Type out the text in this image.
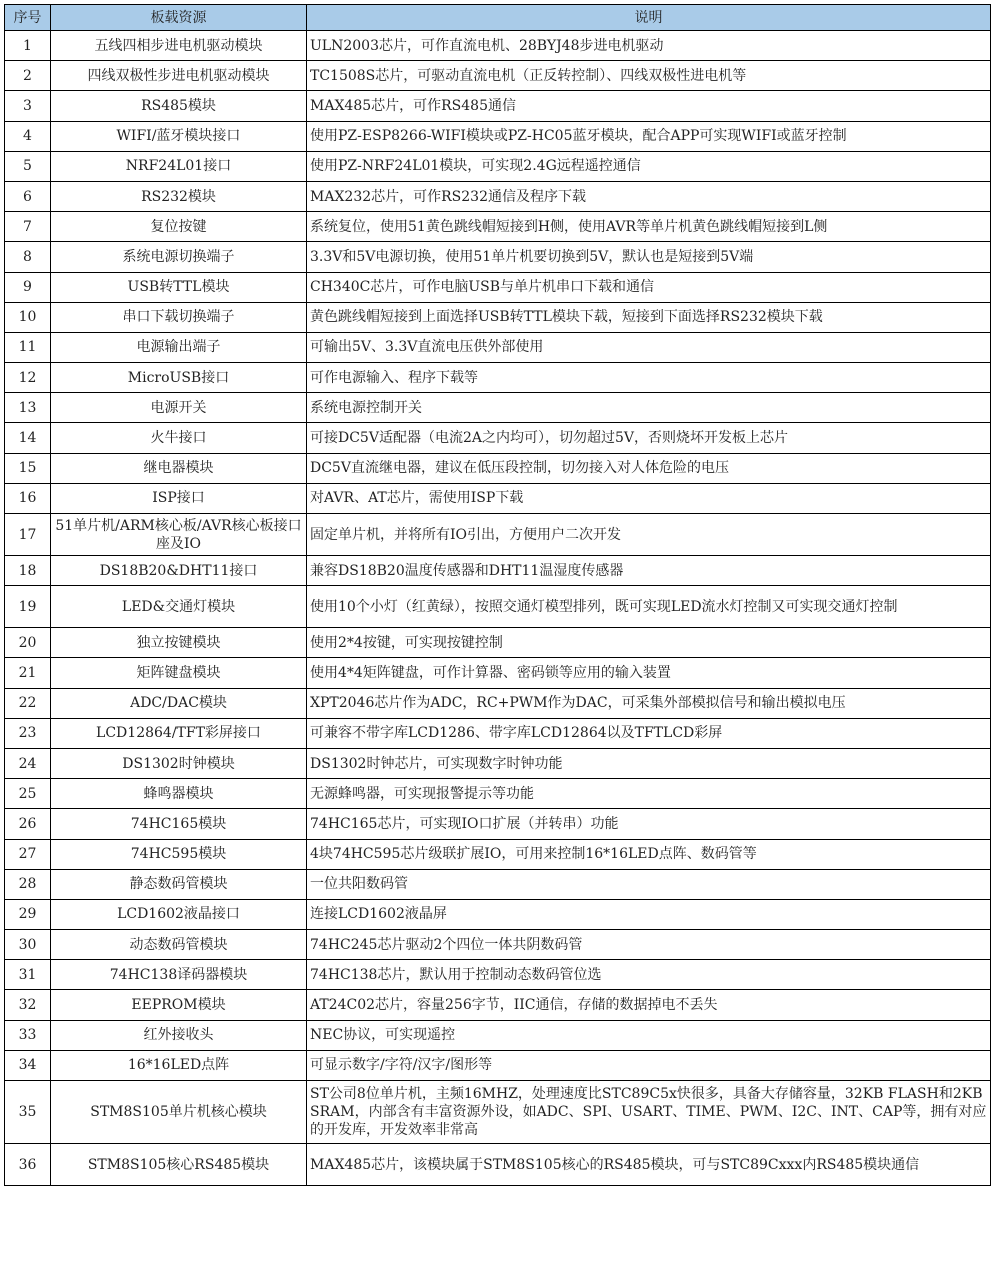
序号	板载资源	说明
1	五线四相步进电机驱动模块	ULN2003芯片，可作直流电机、28BYJ48步进电机驱动
2	四线双极性步进电机驱动模块	TC1508S芯片，可驱动直流电机（正反转控制）、四线双极性进电机等
3	RS485模块	MAX485芯片，可作RS485通信
4	WIFI/蓝牙模块接口	使用PZ-ESP8266-WIFI模块或PZ-HC05蓝牙模块，配合APP可实现WIFI或蓝牙控制
5	NRF24L01接口	使用PZ-NRF24L01模块，可实现2.4G远程遥控通信
6	RS232模块	MAX232芯片，可作RS232通信及程序下载
7	复位按键	系统复位，使用51黄色跳线帽短接到H侧，使用AVR等单片机黄色跳线帽短接到L侧
8	系统电源切换端子	3.3V和5V电源切换，使用51单片机要切换到5V，默认也是短接到5V端
9	USB转TTL模块	CH340C芯片，可作电脑USB与单片机串口下载和通信
10	串口下载切换端子	黄色跳线帽短接到上面选择USB转TTL模块下载，短接到下面选择RS232模块下载
11	电源输出端子	可输出5V、3.3V直流电压供外部使用
12	MicroUSB接口	可作电源输入、程序下载等
13	电源开关	系统电源控制开关
14	火牛接口	可接DC5V适配器（电流2A之内均可），切勿超过5V，否则烧坏开发板上芯片
15	继电器模块	DC5V直流继电器，建议在低压段控制，切勿接入对人体危险的电压
16	ISP接口	对AVR、AT芯片，需使用ISP下载
17	51单片机/ARM核心板/AVR核心板接口座及IO	固定单片机，并将所有IO引出，方便用户二次开发
18	DS18B20&DHT11接口	兼容DS18B20温度传感器和DHT11温湿度传感器
19	LED&交通灯模块	使用10个小灯（红黄绿），按照交通灯模型排列，既可实现LED流水灯控制又可实现交通灯控制
20	独立按键模块	使用2*4按键，可实现按键控制
21	矩阵键盘模块	使用4*4矩阵键盘，可作计算器、密码锁等应用的输入装置
22	ADC/DAC模块	XPT2046芯片作为ADC，RC+PWM作为DAC，可采集外部模拟信号和输出模拟电压
23	LCD12864/TFT彩屏接口	可兼容不带字库LCD1286、带字库LCD12864以及TFTLCD彩屏
24	DS1302时钟模块	DS1302时钟芯片，可实现数字时钟功能
25	蜂鸣器模块	无源蜂鸣器，可实现报警提示等功能
26	74HC165模块	74HC165芯片，可实现IO口扩展（并转串）功能
27	74HC595模块	4块74HC595芯片级联扩展IO，可用来控制16*16LED点阵、数码管等
28	静态数码管模块	一位共阳数码管
29	LCD1602液晶接口	连接LCD1602液晶屏
30	动态数码管模块	74HC245芯片驱动2个四位一体共阴数码管
31	74HC138译码器模块	74HC138芯片，默认用于控制动态数码管位选
32	EEPROM模块	AT24C02芯片，容量256字节，IIC通信，存储的数据掉电不丢失
33	红外接收头	NEC协议，可实现遥控
34	16*16LED点阵	可显示数字/字符/汉字/图形等
35	STM8S105单片机核心模块	ST公司8位单片机，主频16MHZ，处理速度比STC89C5x快很多，具备大存储容量，32KB FLASH和2KB SRAM，内部含有丰富资源外设，如ADC、SPI、USART、TIME、PWM、I2C、INT、CAP等，拥有对应的开发库，开发效率非常高
36	STM8S105核心RS485模块	MAX485芯片，该模块属于STM8S105核心的RS485模块，可与STC89Cxxx内RS485模块通信
